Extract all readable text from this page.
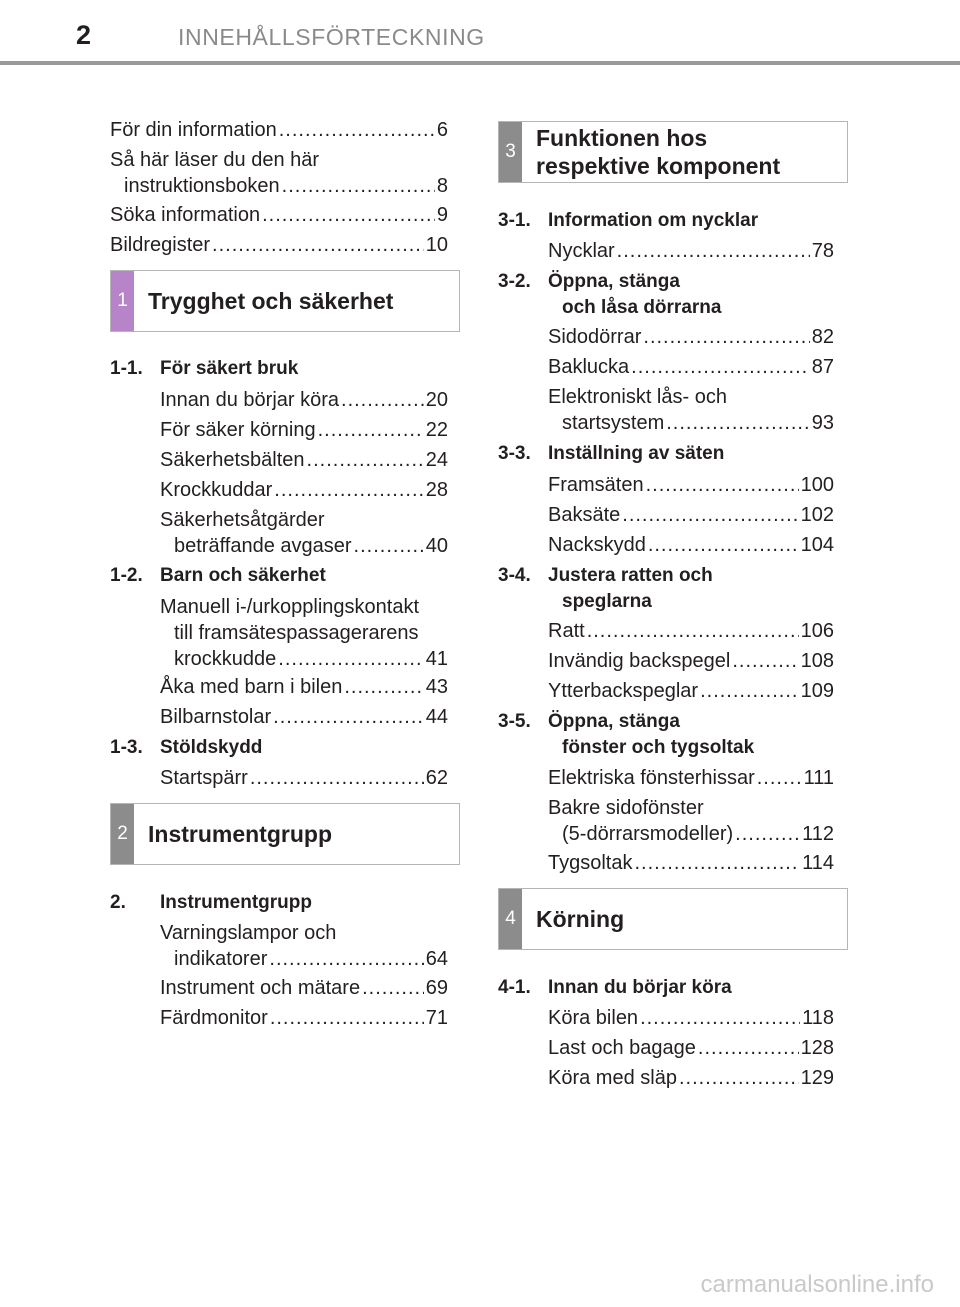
2	INNEHÅLLSFÖRTECKNING
För din information .....	6
Så här läser du den här
instruktionsboken .....	8
Söka information .....	9
Bildregister .....	10
1 Trygghet och säkerhet
1-1. För säkert bruk
Innan du börjar köra .....	20
För säker körning .....	22
Säkerhetsbälten .....	24
Krockkuddar .....	28
Säkerhetsåtgärder
beträffande avgaser .....	40
1-2. Barn och säkerhet
Manuell i-/urkopplingskontakt
till framsätespassagerarens
krockkudde .....	41
Åka med barn i bilen .....	43
Bilbarnstolar .....	44
1-3. Stöldskydd
Startspärr .....	62
2 Instrumentgrupp
2. Instrumentgrupp
Varningslampor och
indikatorer .....	64
Instrument och mätare .....	69
Färdmonitor .....	71
3
Funktionen hos
respektive komponent
3-1. Information om nycklar
Nycklar .....	78
3-2. Öppna, stänga
och låsa dörrarna
Sidodörrar .....	82
Baklucka .....	87
Elektroniskt lås- och
startsystem .....	93
3-3. Inställning av säten
Framsäten .....	100
Baksäte .....	102
Nackskydd .....	104
3-4. Justera ratten och
speglarna
Ratt .....	106
Invändig backspegel .....	108
Ytterbackspeglar .....	109
3-5. Öppna, stänga
fönster och tygsoltak
Elektriska fönsterhissar ..... 111
Bakre sidofönster
(5-dörrarsmodeller) .....	112
Tygsoltak .....	114
4 Körning
4-1. Innan du börjar köra
Köra bilen .....	118
Last och bagage .....	128
Köra med släp .....	129
carmanualsonline.info
